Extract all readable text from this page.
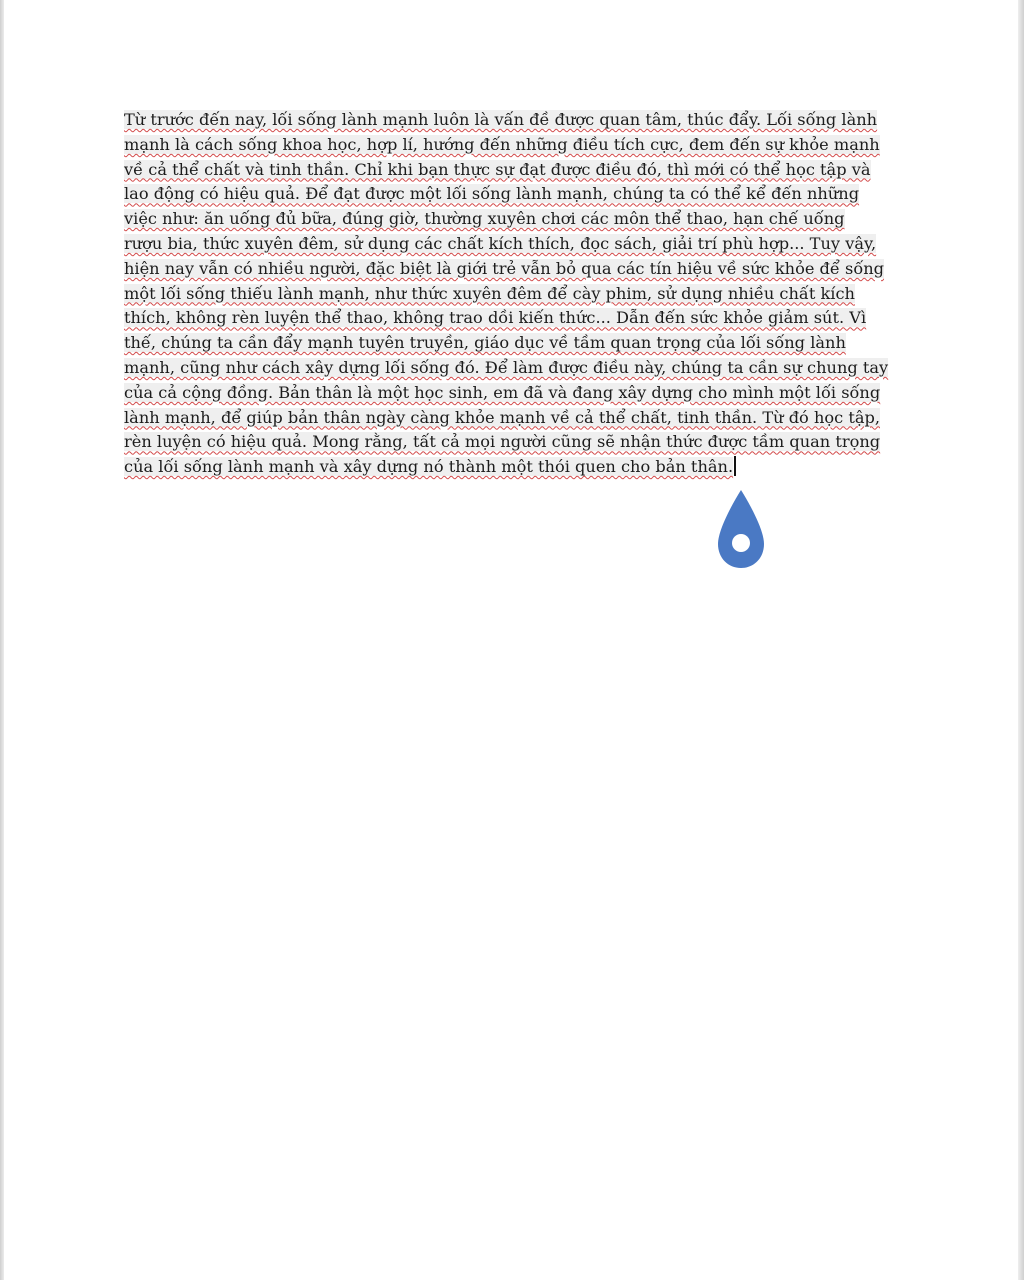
Từ trước đến nay, lối sống lành mạnh luôn là vấn đề được quan tâm, thúc đẩy. Lối sống lành
mạnh là cách sống khoa học, hợp lí, hướng đến những điều tích cực, đem đến sự khỏe mạnh
về cả thể chất và tinh thần. Chỉ khi bạn thực sự đạt được điều đó, thì mới có thể học tập và
lao động có hiệu quả. Để đạt được một lối sống lành mạnh, chúng ta có thể kể đến những
việc như: ăn uống đủ bữa, đúng giờ, thường xuyên chơi các môn thể thao, hạn chế uống
rượu bia, thức xuyên đêm, sử dụng các chất kích thích, đọc sách, giải trí phù hợp... Tuy vậy,
hiện nay vẫn có nhiều người, đặc biệt là giới trẻ vẫn bỏ qua các tín hiệu về sức khỏe để sống
một lối sống thiếu lành mạnh, như thức xuyên đêm để cày phim, sử dụng nhiều chất kích
thích, không rèn luyện thể thao, không trao dồi kiến thức... Dẫn đến sức khỏe giảm sút. Vì
thế, chúng ta cần đẩy mạnh tuyên truyền, giáo dục về tầm quan trọng của lối sống lành
mạnh, cũng như cách xây dựng lối sống đó. Để làm được điều này, chúng ta cần sự chung tay
của cả cộng đồng. Bản thân là một học sinh, em đã và đang xây dựng cho mình một lối sống
lành mạnh, để giúp bản thân ngày càng khỏe mạnh về cả thể chất, tinh thần. Từ đó học tập,
rèn luyện có hiệu quả. Mong rằng, tất cả mọi người cũng sẽ nhận thức được tầm quan trọng
của lối sống lành mạnh và xây dựng nó thành một thói quen cho bản thân.
